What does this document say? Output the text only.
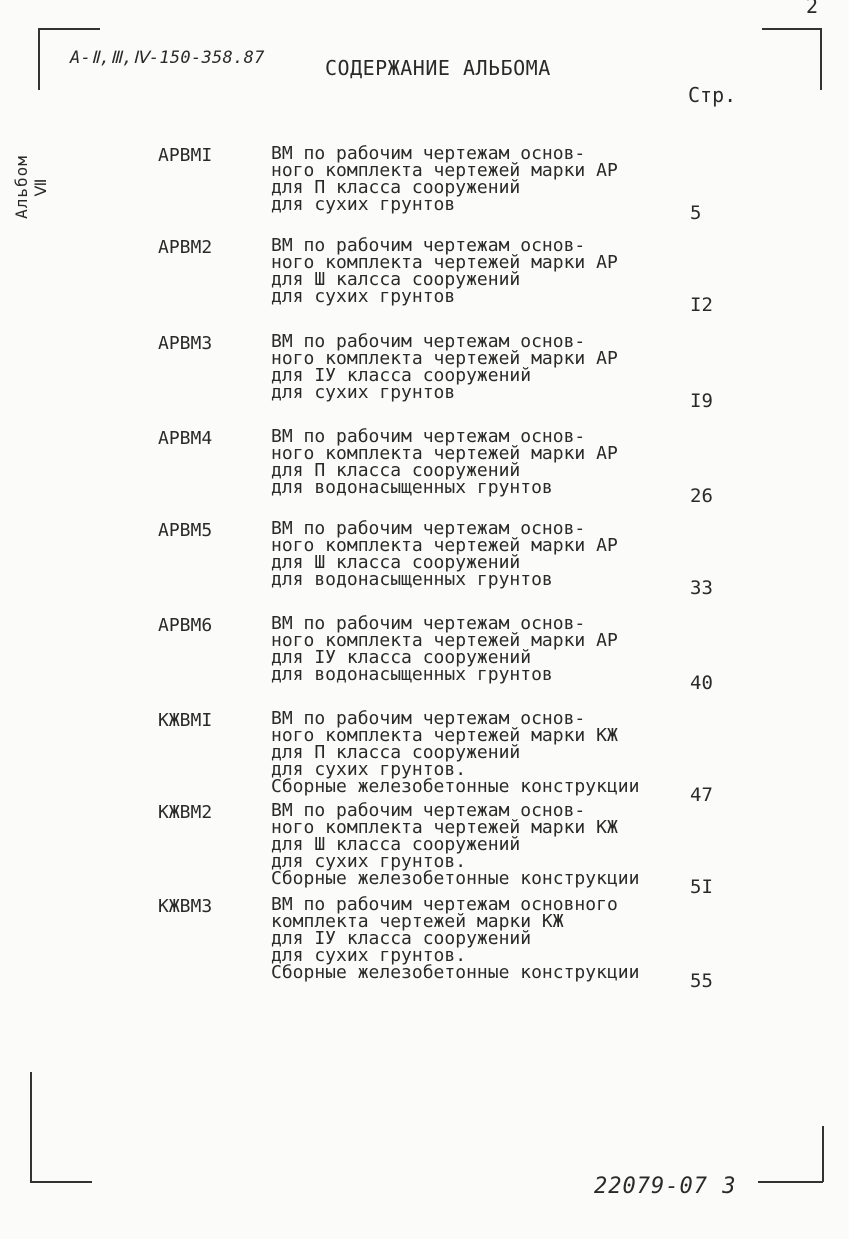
2
A-Ⅱ,Ⅲ,Ⅳ-150-358.87	СОДЕРЖАНИЕ АЛЬБОМА
Стр.
Альбом Ⅶ
АРВМI	ВМ по рабочим чертежам основ-
ного комплекта чертежей марки АР
для П класса сооружений
для сухих грунтов	5
АРВМ2	ВМ по рабочим чертежам основ-
ного комплекта чертежей марки АР
для Ш калсса сооружений
для сухих грунтов	I2
АРВМ3	ВМ по рабочим чертежам основ-
ного комплекта чертежей марки АР
для IУ класса сооружений
для сухих грунтов	I9
АРВМ4	ВМ по рабочим чертежам основ-
ного комплекта чертежей марки АР
для П класса сооружений
для водонасыщенных грунтов	26
АРВМ5	ВМ по рабочим чертежам основ-
ного комплекта чертежей марки АР
для Ш класса сооружений
для водонасыщенных грунтов	33
АРВМ6	ВМ по рабочим чертежам основ-
ного комплекта чертежей марки АР
для IУ класса сооружений
для водонасыщенных грунтов	40
КЖВМI	ВМ по рабочим чертежам основ-
ного комплекта чертежей марки КЖ
для П класса сооружений
для сухих грунтов.
Сборные железобетонные конструкции	47
КЖВМ2	ВМ по рабочим чертежам основ-
ного комплекта чертежей марки КЖ
для Ш класса сооружений
для сухих грунтов.
Сборные железобетонные конструкции	5I
КЖВМ3	ВМ по рабочим чертежам основного
комплекта чертежей марки КЖ
для IУ класса сооружений
для сухих грунтов.
Сборные железобетонные конструкции	55
22079-07 3
